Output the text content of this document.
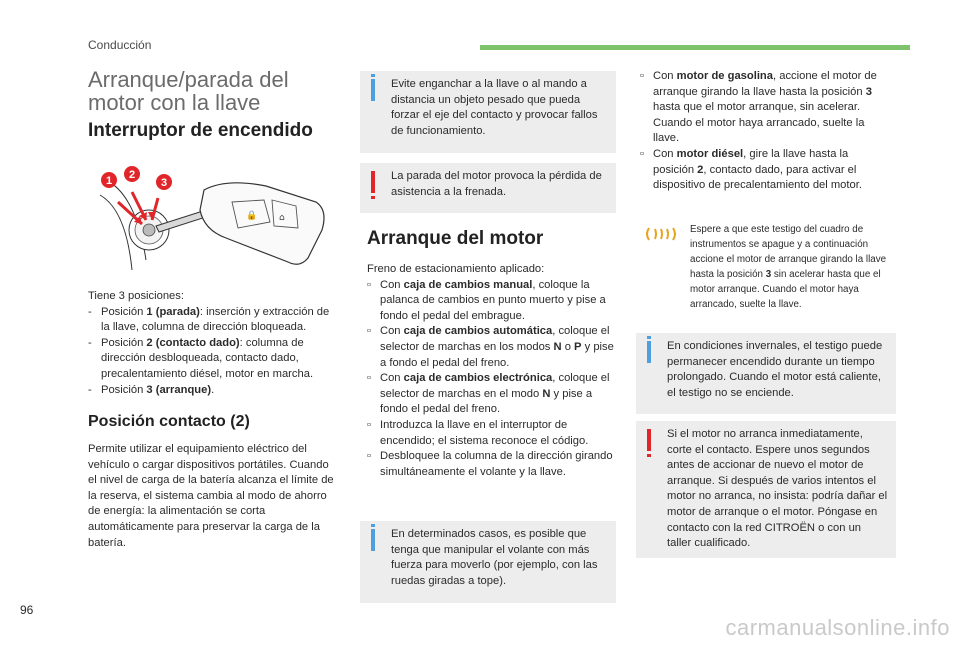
Conducción
Arranque/parada del motor con la llave
Interruptor de encendido
🔒 ⌂
1 2
3
Tiene 3 posiciones:
- Posición 1 (parada): inserción y extracción de la llave, columna de dirección bloqueada.
- Posición 2 (contacto dado): columna de dirección desbloqueada, contacto dado, precalentamiento diésel, motor en marcha.
- Posición 3 (arranque).
Posición contacto (2)
Permite utilizar el equipamiento eléctrico del vehículo o cargar dispositivos portátiles. Cuando el nivel de carga de la batería alcanza el límite de la reserva, el sistema cambia al modo de ahorro de energía: la alimentación se corta automáticamente para preservar la carga de la batería.

Evite enganchar a la llave o al mando a distancia un objeto pesado que pueda forzar el eje del contacto y provocar fallos de funcionamiento.

La parada del motor provoca la pérdida de asistencia a la frenada.

Arranque del motor
Freno de estacionamiento aplicado:
▫ Con caja de cambios manual, coloque la palanca de cambios en punto muerto y pise a fondo el pedal del embrague.
▫ Con caja de cambios automática, coloque el selector de marchas en los modos N o P y pise a fondo el pedal del freno.
▫ Con caja de cambios electrónica, coloque el selector de marchas en el modo N y pise a fondo el pedal del freno.
▫ Introduzca la llave en el interruptor de encendido; el sistema reconoce el código.
▫ Desbloquee la columna de la dirección girando simultáneamente el volante y la llave.

En determinados casos, es posible que tenga que manipular el volante con más fuerza para moverlo (por ejemplo, con las ruedas giradas a tope).

▫ Con motor de gasolina, accione el motor de arranque girando la llave hasta la posición 3 hasta que el motor arranque, sin acelerar. Cuando el motor haya arrancado, suelte la llave.
▫ Con motor diésel, gire la llave hasta la posición 2, contacto dado, para activar el dispositivo de precalentamiento del motor.
Espere a que este testigo del cuadro de instrumentos se apague y a continuación accione el motor de arranque girando la llave hasta la posición 3 sin acelerar hasta que el motor arranque. Cuando el motor haya arrancado, suelte la llave.

En condiciones invernales, el testigo puede permanecer encendido durante un tiempo prolongado. Cuando el motor está caliente, el testigo no se enciende.

Si el motor no arranca inmediatamente, corte el contacto. Espere unos segundos antes de accionar de nuevo el motor de arranque. Si después de varios intentos el motor no arranca, no insista: podría dañar el motor de arranque o el motor. Póngase en contacto con la red CITROËN o con un taller cualificado.

96
carmanualsonline.info
